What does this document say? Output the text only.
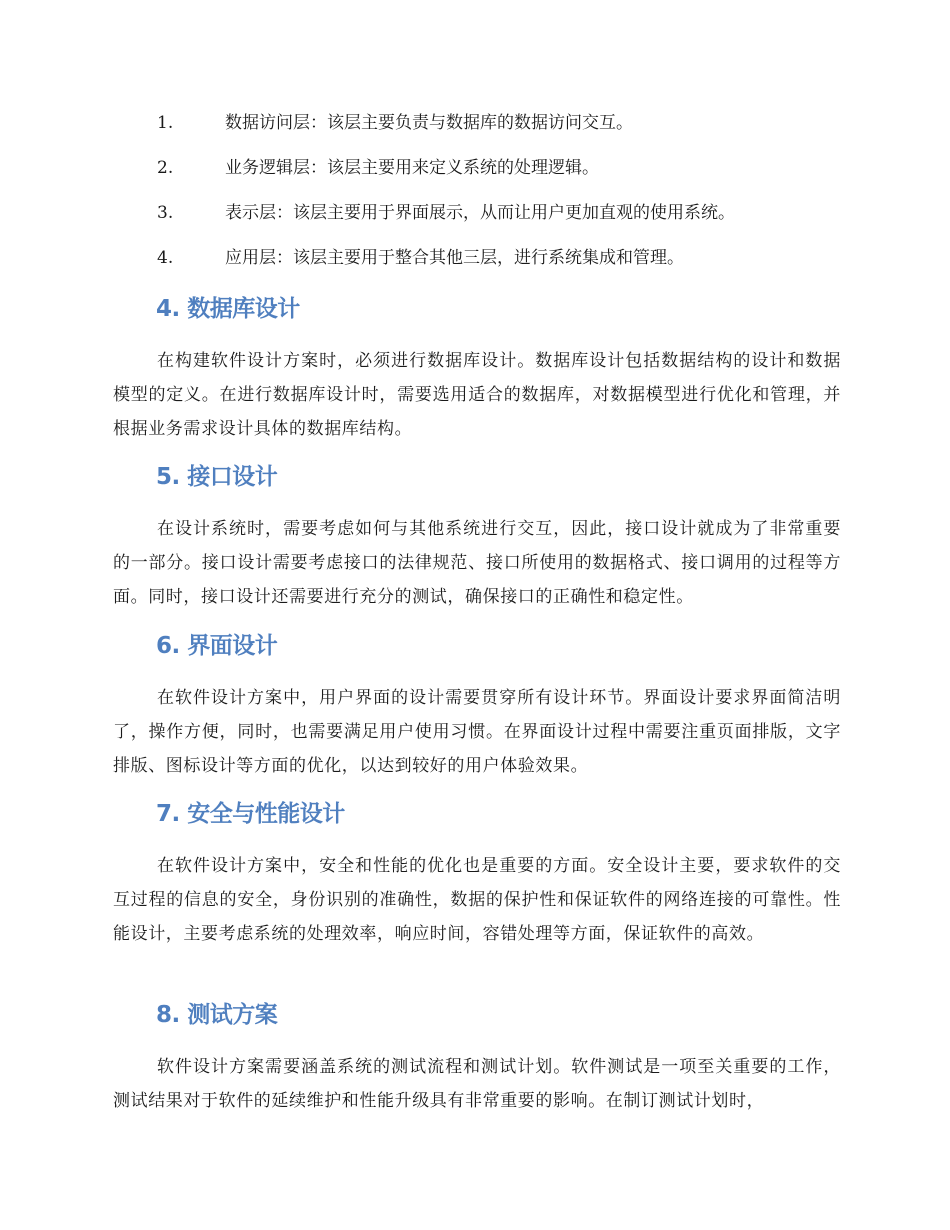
1.	数据访问层：该层主要负责与数据库的数据访问交互。
2.	业务逻辑层：该层主要用来定义系统的处理逻辑。
3.	表示层：该层主要用于界面展示，从而让用户更加直观的使用系统。
4.	应用层：该层主要用于整合其他三层，进行系统集成和管理。
4. 数据库设计

在构建软件设计方案时，必须进行数据库设计。数据库设计包括数据结构的设计和数据模型的定义。在进行数据库设计时，需要选用适合的数据库，对数据模型进行优化和管理，并根据业务需求设计具体的数据库结构。

5. 接口设计

在设计系统时，需要考虑如何与其他系统进行交互，因此，接口设计就成为了非常重要的一部分。接口设计需要考虑接口的法律规范、接口所使用的数据格式、接口调用的过程等方面。同时，接口设计还需要进行充分的测试，确保接口的正确性和稳定性。

6. 界面设计

在软件设计方案中，用户界面的设计需要贯穿所有设计环节。界面设计要求界面简洁明了，操作方便，同时，也需要满足用户使用习惯。在界面设计过程中需要注重页面排版，文字排版、图标设计等方面的优化，以达到较好的用户体验效果。

7. 安全与性能设计

在软件设计方案中，安全和性能的优化也是重要的方面。安全设计主要，要求软件的交互过程的信息的安全，身份识别的准确性，数据的保护性和保证软件的网络连接的可靠性。性能设计，主要考虑系统的处理效率，响应时间，容错处理等方面，保证软件的高效。

8. 测试方案

软件设计方案需要涵盖系统的测试流程和测试计划。软件测试是一项至关重要的工作，测试结果对于软件的延续维护和性能升级具有非常重要的影响。在制订测试计划时，
